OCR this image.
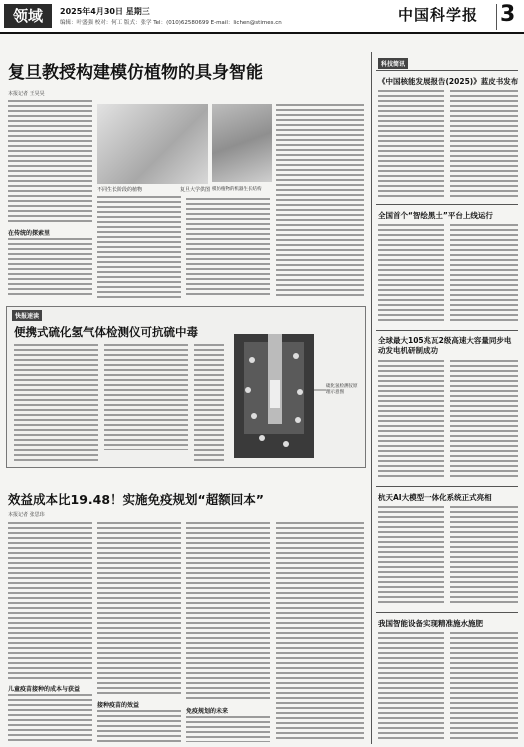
领域	2025年4月30日 星期三
编辑：叶盛强 校对：何工 版式：张学 Tel：(010)62580699 E-mail：lichen@stimes.cn	中国科学报 3
复旦教授构建模仿植物的具身智能
本报记者 王昊昊
在传统的探索里
不同生长阶段的植物	复旦大学供图 模仿植物的机器生长结构

快报速读
便携式硫化氢气体检测仪可抗硫中毒
硫化氢检测仪原理示意图
效益成本比19.48！实施免疫规划“超额回本”
本报记者 张思玮
儿童疫苗接种的成本与获益
接种疫苗的效益
免疫规划的未来
科技简讯
《中国核能发展报告(2025)》蓝皮书发布
全国首个“智绘黑土”平台上线运行
全球最大105兆瓦2级高速大容量同步电动发电机研制成功
杭天AI大模型一体化系统正式亮相
我国智能设备实现精准施水施肥
